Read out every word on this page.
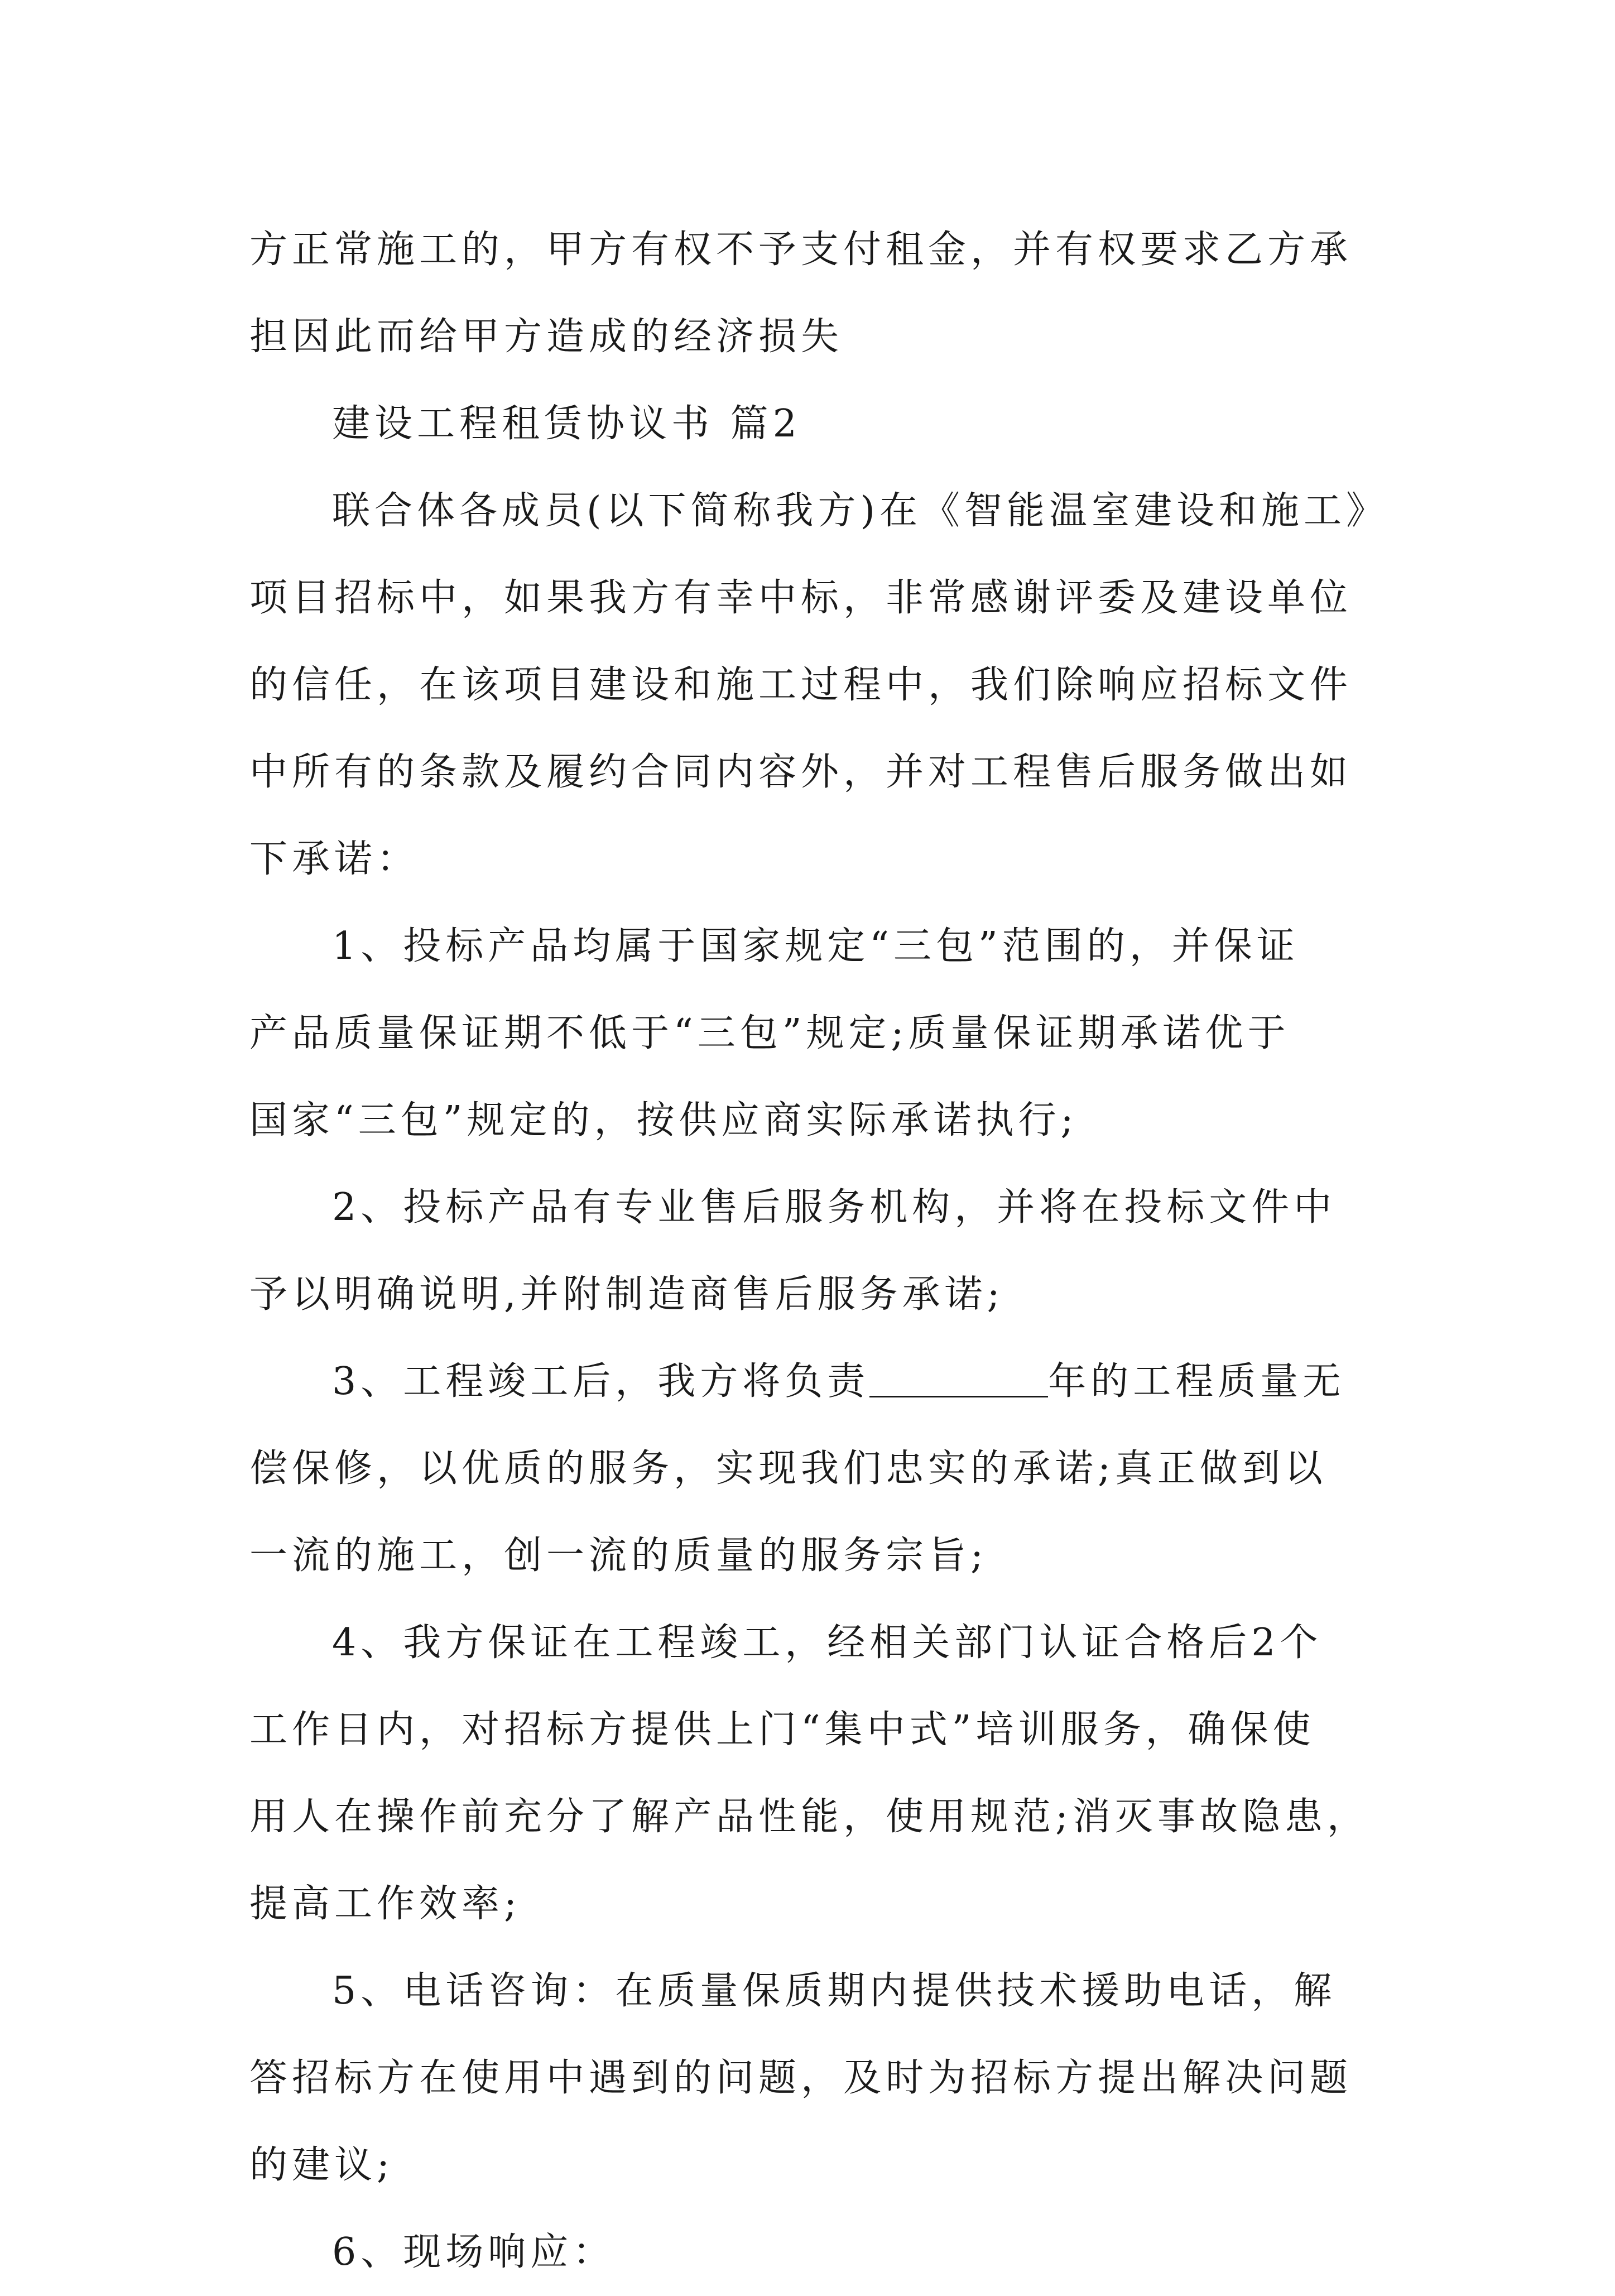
方正常施工的，甲方有权不予支付租金，并有权要求乙方承
担因此而给甲方造成的经济损失
建设工程租赁协议书 篇2
联合体各成员(以下简称我方)在《智能温室建设和施工》
项目招标中，如果我方有幸中标，非常感谢评委及建设单位
的信任，在该项目建设和施工过程中，我们除响应招标文件
中所有的条款及履约合同内容外，并对工程售后服务做出如
下承诺：
1、投标产品均属于国家规定“三包”范围的，并保证
产品质量保证期不低于“三包”规定;质量保证期承诺优于
国家“三包”规定的，按供应商实际承诺执行;
2、投标产品有专业售后服务机构，并将在投标文件中
予以明确说明,并附制造商售后服务承诺;
3、工程竣工后，我方将负责	年的工程质量无
偿保修，以优质的服务，实现我们忠实的承诺;真正做到以
一流的施工，创一流的质量的服务宗旨;
4、我方保证在工程竣工，经相关部门认证合格后2个
工作日内，对招标方提供上门“集中式”培训服务，确保使
用人在操作前充分了解产品性能，使用规范;消灭事故隐患，
提高工作效率;
5、电话咨询：在质量保质期内提供技术援助电话，解
答招标方在使用中遇到的问题，及时为招标方提出解决问题
的建议;
6、现场响应：
